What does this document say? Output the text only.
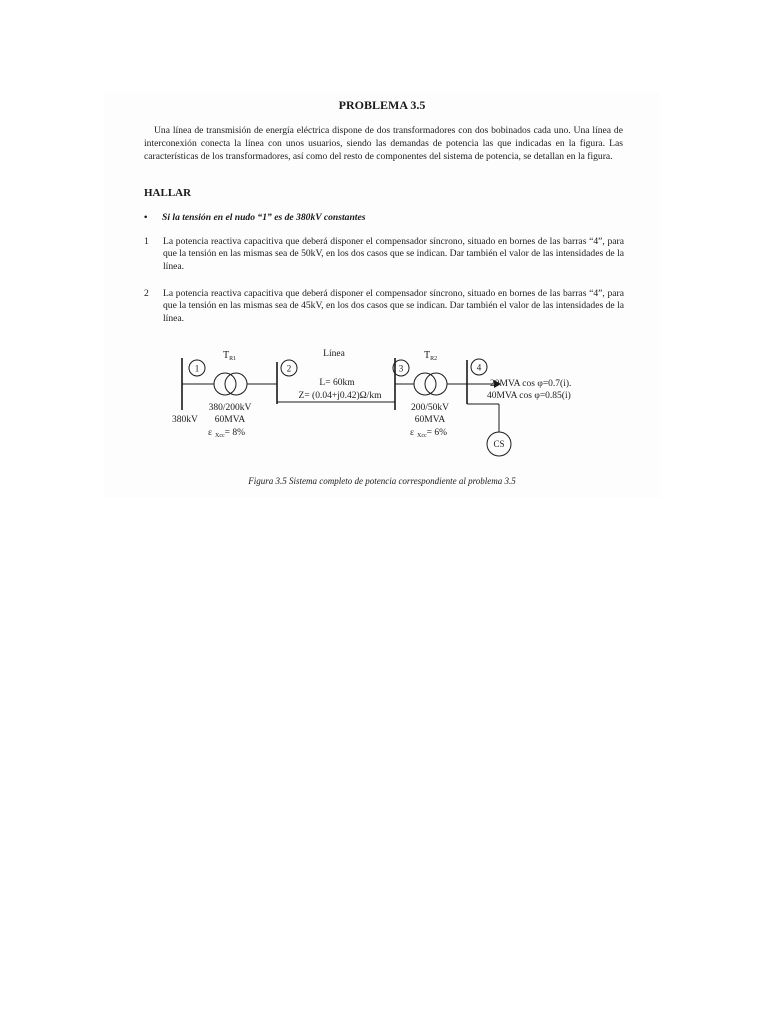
PROBLEMA 3.5

Una línea de transmisión de energía eléctrica dispone de dos transformadores con dos bobinados cada uno. Una línea de interconexión conecta la línea con unos usuarios, siendo las demandas de potencia las que indicadas en la figura. Las características de los transformadores, así como del resto de componentes del sistema de potencia, se detallan en la figura.

HALLAR
• Si la tensión en el nudo “1” es de 380kV constantes
1 La potencia reactiva capacitiva que deberá disponer el compensador síncrono, situado en bornes de las barras “4”, para que la tensión en las mismas sea de 50kV, en los dos casos que se indican. Dar también el valor de las intensidades de la línea.
2 La potencia reactiva capacitiva que deberá disponer el compensador síncrono, situado en bornes de las barras “4”, para que la tensión en las mismas sea de 45kV, en los dos casos que se indican. Dar también el valor de las intensidades de la línea.
1	2	3	4
$T_{R1}$
380/200kV
60MVA
ε $_{Xcc}$= 8%
380kV
Línea
L= 60km
Z= (0.04+j0.42)Ω/km
$T_{R2}$
200/50kV
60MVA
ε $_{Xcc}$= 6%
20MVA cos φ=0.7(i).
40MVA cos φ=0.85(i)
CS
Figura 3.5 Sistema completo de potencia correspondiente al problema 3.5
